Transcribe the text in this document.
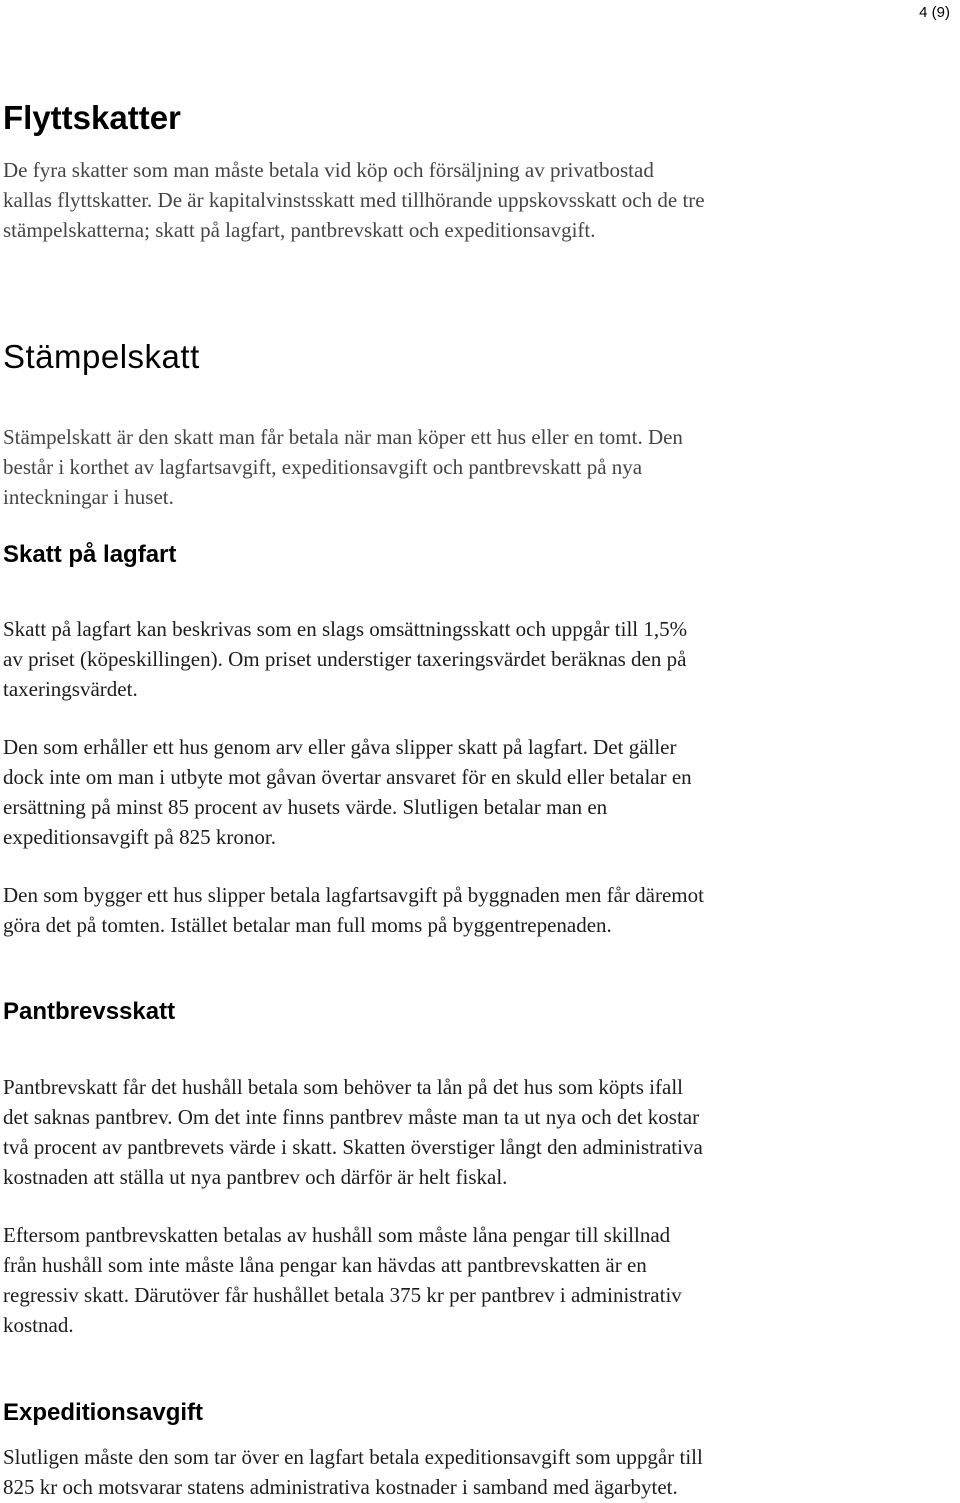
4 (9)
Flyttskatter

De fyra skatter som man måste betala vid köp och försäljning av privatbostad
kallas flyttskatter. De är kapitalvinstsskatt med tillhörande uppskovsskatt och de tre
stämpelskatterna; skatt på lagfart, pantbrevskatt och expeditionsavgift.

Stämpelskatt

Stämpelskatt är den skatt man får betala när man köper ett hus eller en tomt. Den
består i korthet av lagfartsavgift, expeditionsavgift och pantbrevskatt på nya
inteckningar i huset.

Skatt på lagfart

Skatt på lagfart kan beskrivas som en slags omsättningsskatt och uppgår till 1,5%
av priset (köpeskillingen). Om priset understiger taxeringsvärdet beräknas den på
taxeringsvärdet.

Den som erhåller ett hus genom arv eller gåva slipper skatt på lagfart. Det gäller
dock inte om man i utbyte mot gåvan övertar ansvaret för en skuld eller betalar en
ersättning på minst 85 procent av husets värde. Slutligen betalar man en
expeditionsavgift på 825 kronor.

Den som bygger ett hus slipper betala lagfartsavgift på byggnaden men får däremot
göra det på tomten. Istället betalar man full moms på byggentrepenaden.

Pantbrevsskatt

Pantbrevskatt får det hushåll betala som behöver ta lån på det hus som köpts ifall
det saknas pantbrev. Om det inte finns pantbrev måste man ta ut nya och det kostar
två procent av pantbrevets värde i skatt. Skatten överstiger långt den administrativa
kostnaden att ställa ut nya pantbrev och därför är helt fiskal.

Eftersom pantbrevskatten betalas av hushåll som måste låna pengar till skillnad
från hushåll som inte måste låna pengar kan hävdas att pantbrevskatten är en
regressiv skatt. Därutöver får hushållet betala 375 kr per pantbrev i administrativ
kostnad.

Expeditionsavgift

Slutligen måste den som tar över en lagfart betala expeditionsavgift som uppgår till
825 kr och motsvarar statens administrativa kostnader i samband med ägarbytet.
